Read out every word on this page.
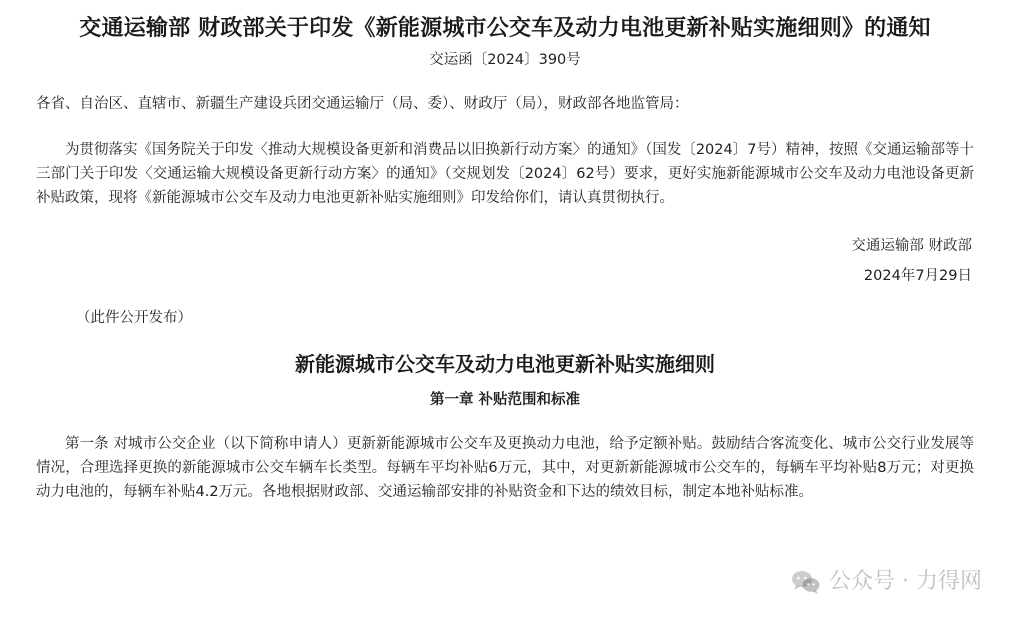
交通运输部 财政部关于印发《新能源城市公交车及动力电池更新补贴实施细则》的通知
交运函〔2024〕390号
各省、自治区、直辖市、新疆生产建设兵团交通运输厅（局、委）、财政厅（局），财政部各地监管局：
为贯彻落实《国务院关于印发〈推动大规模设备更新和消费品以旧换新行动方案〉的通知》（国发〔2024〕7号）精神，按照《交通运输部等十三部门关于印发〈交通运输大规模设备更新行动方案〉的通知》（交规划发〔2024〕62号）要求，更好实施新能源城市公交车及动力电池设备更新补贴政策，现将《新能源城市公交车及动力电池更新补贴实施细则》印发给你们，请认真贯彻执行。
交通运输部 财政部
2024年7月29日
（此件公开发布）
新能源城市公交车及动力电池更新补贴实施细则
第一章 补贴范围和标准
第一条 对城市公交企业（以下简称申请人）更新新能源城市公交车及更换动力电池，给予定额补贴。鼓励结合客流变化、城市公交行业发展等情况，合理选择更换的新能源城市公交车辆车长类型。每辆车平均补贴6万元，其中，对更新新能源城市公交车的，每辆车平均补贴8万元；对更换动力电池的，每辆车补贴4.2万元。各地根据财政部、交通运输部安排的补贴资金和下达的绩效目标，制定本地补贴标准。
公众号 · 力得网
